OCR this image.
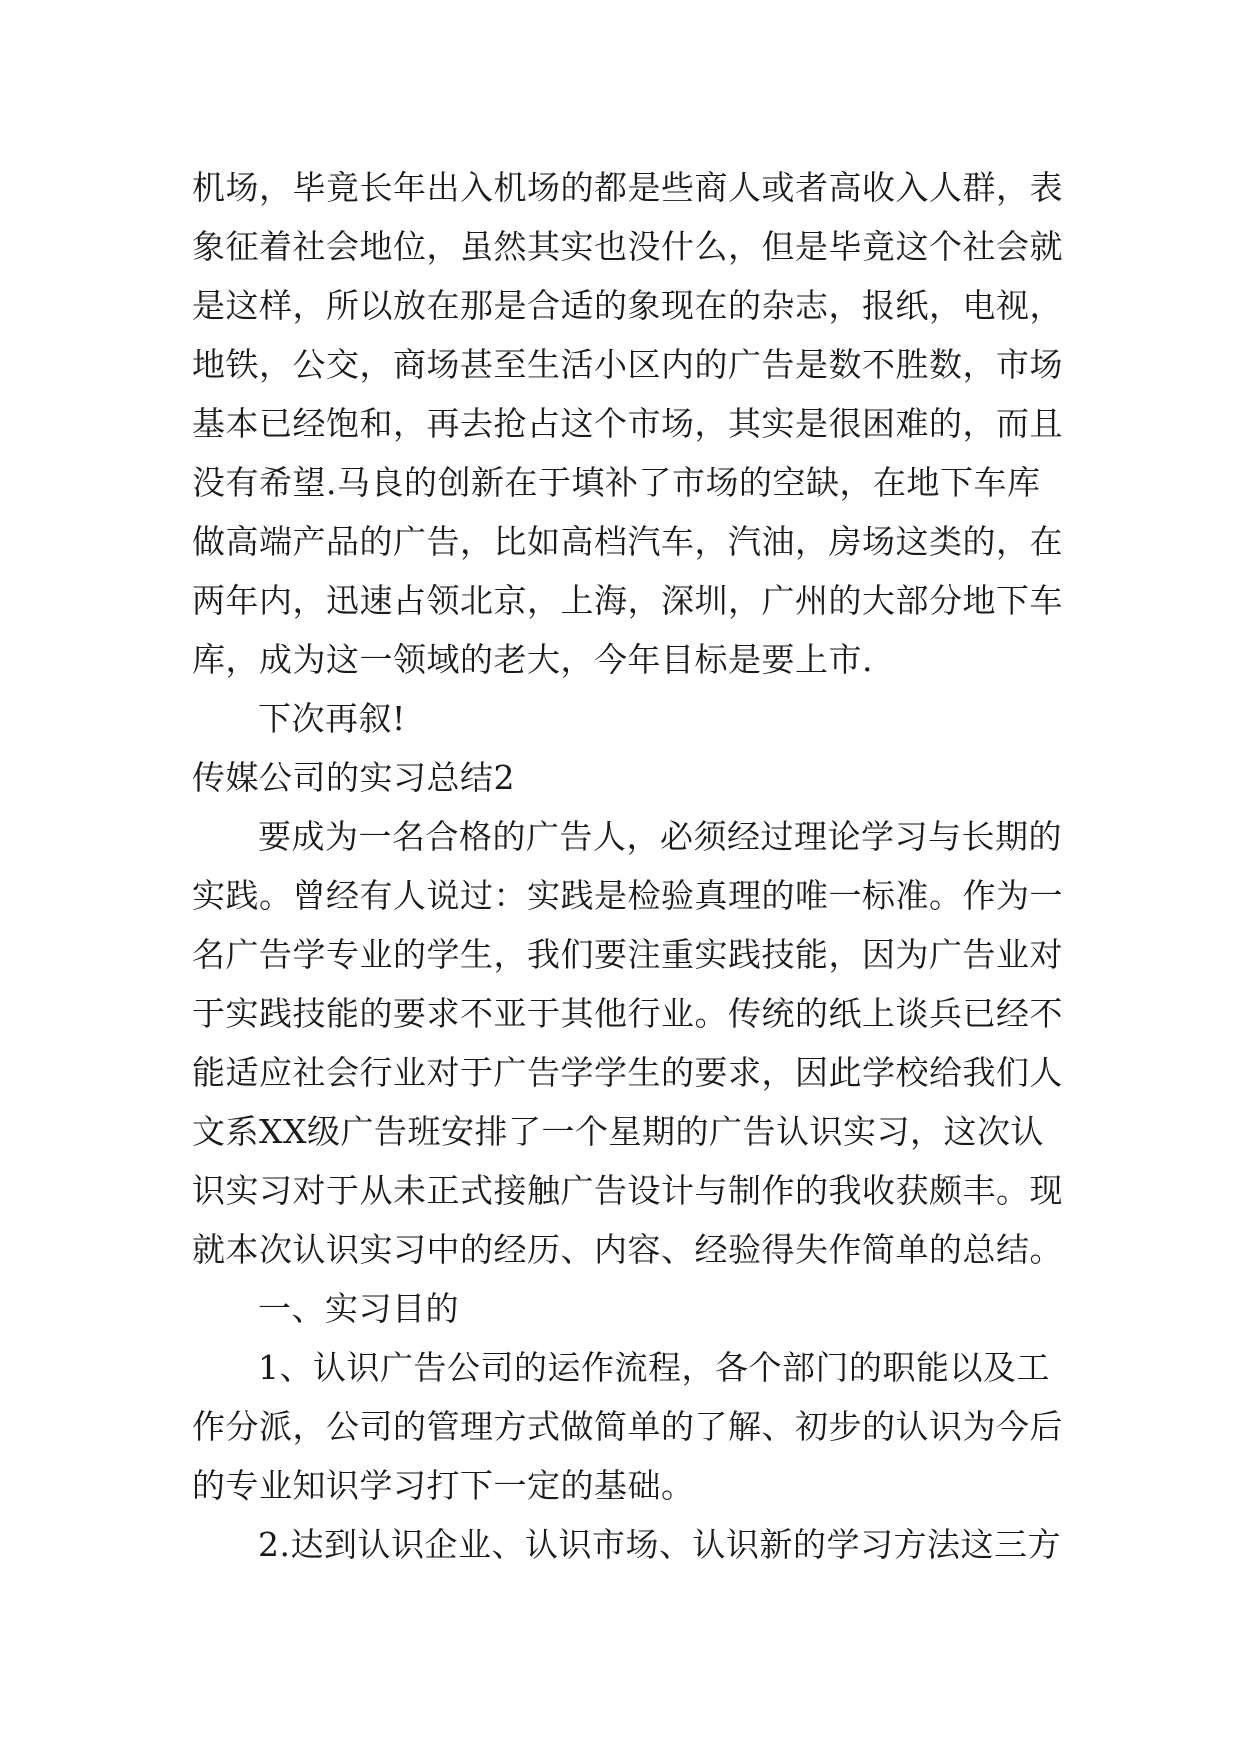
机场，毕竟长年出入机场的都是些商人或者高收入人群，表
象征着社会地位，虽然其实也没什么，但是毕竟这个社会就
是这样，所以放在那是合适的象现在的杂志，报纸，电视，
地铁，公交，商场甚至生活小区内的广告是数不胜数，市场
基本已经饱和，再去抢占这个市场，其实是很困难的，而且
没有希望.马良的创新在于填补了市场的空缺，在地下车库
做高端产品的广告，比如高档汽车，汽油，房场这类的，在
两年内，迅速占领北京，上海，深圳，广州的大部分地下车
库，成为这一领域的老大，今年目标是要上市.
下次再叙!
传媒公司的实习总结2
要成为一名合格的广告人，必须经过理论学习与长期的
实践。曾经有人说过：实践是检验真理的唯一标准。作为一
名广告学专业的学生，我们要注重实践技能，因为广告业对
于实践技能的要求不亚于其他行业。传统的纸上谈兵已经不
能适应社会行业对于广告学学生的要求，因此学校给我们人
文系XX级广告班安排了一个星期的广告认识实习，这次认
识实习对于从未正式接触广告设计与制作的我收获颇丰。现
就本次认识实习中的经历、内容、经验得失作简单的总结。
一、实习目的
1、认识广告公司的运作流程，各个部门的职能以及工
作分派，公司的管理方式做简单的了解、初步的认识为今后
的专业知识学习打下一定的基础。
2.达到认识企业、认识市场、认识新的学习方法这三方
